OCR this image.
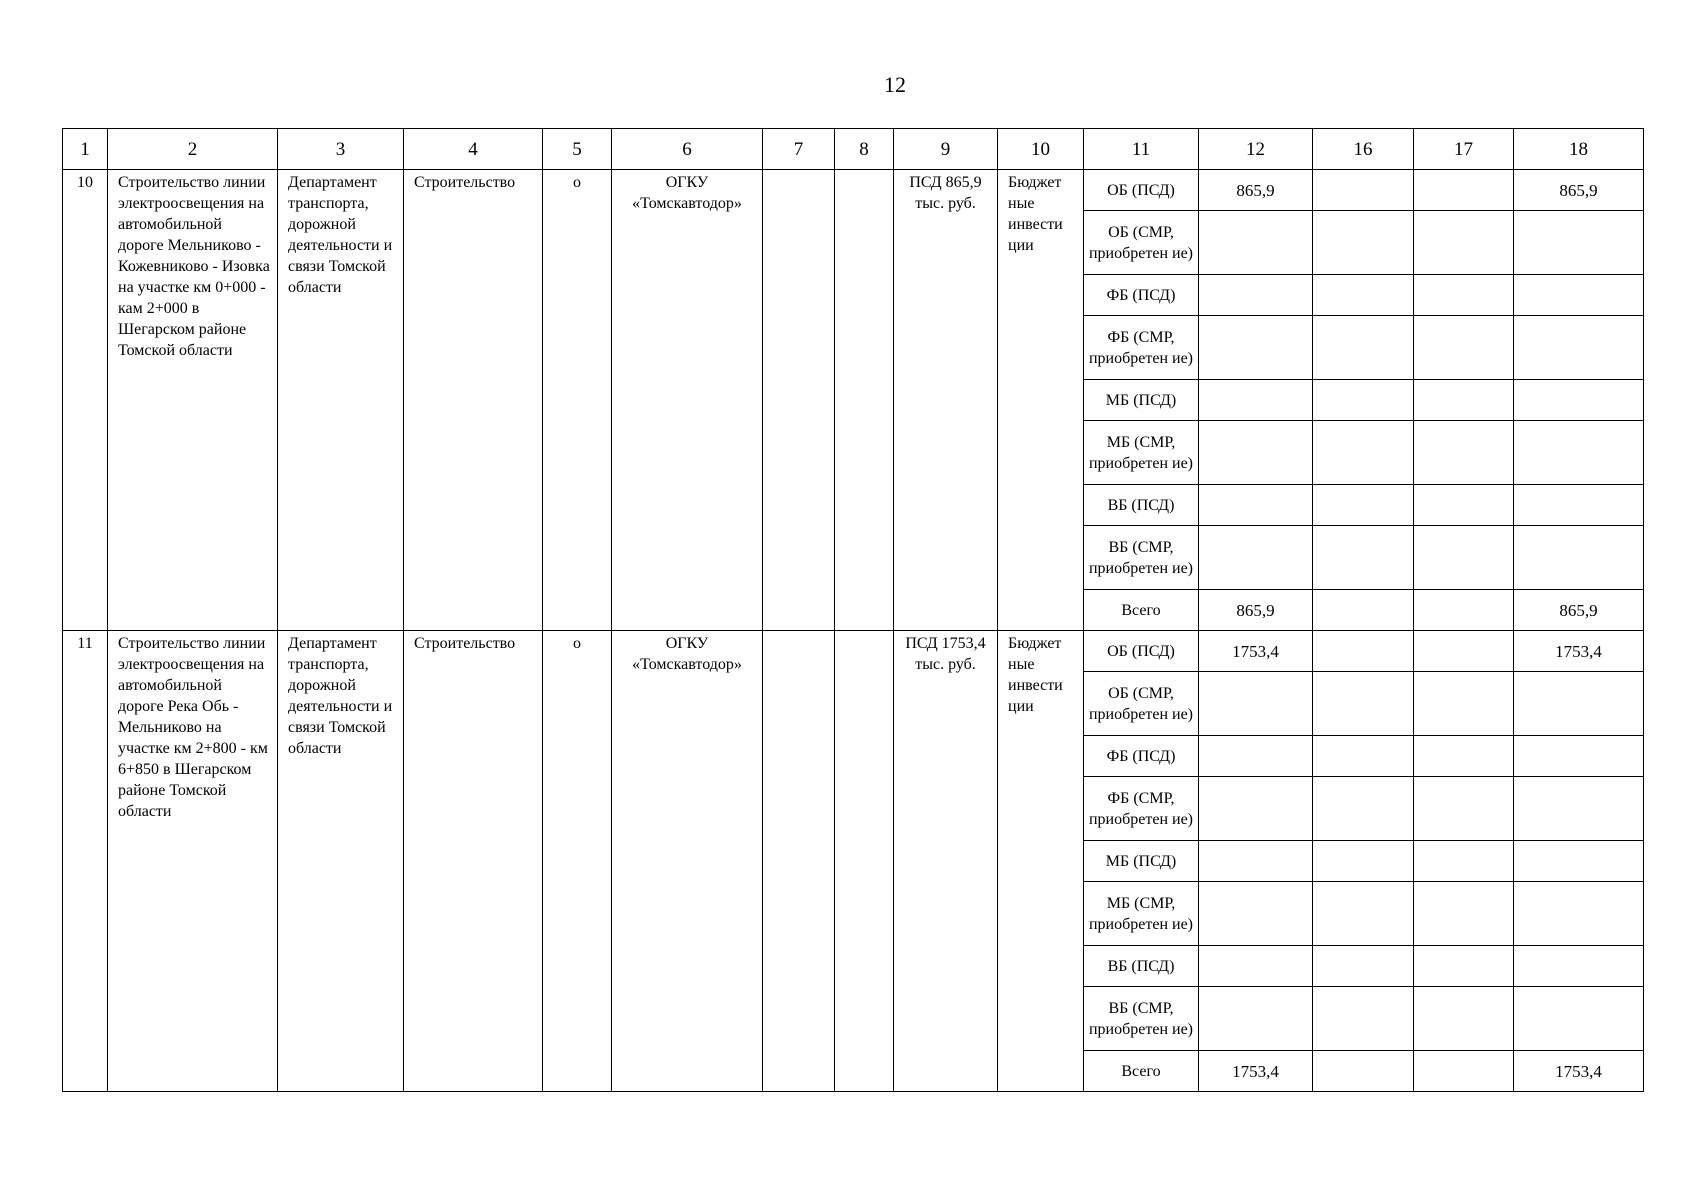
12
1	2	3	4	5	6	7	8	9	10	11	12	16	17	18
10	Строительство линии электроосвещения на автомобильной дороге Мельниково - Кожевниково - Изовка на участке км 0+000 - кам 2+000 в Шегарском районе Томской области	Департамент транспорта, дорожной деятельности и связи Томской области	Строительство	о	ОГКУ «Томскавтодор»			ПСД 865,9 тыс. руб.	Бюджет ные инвести ции	ОБ (ПСД)	865,9			865,9
										ОБ (СМР, приобретен ие)				
										ФБ (ПСД)				
										ФБ (СМР, приобретен ие)				
										МБ (ПСД)				
										МБ (СМР, приобретен ие)				
										ВБ (ПСД)				
										ВБ (СМР, приобретен ие)				
										Всего	865,9			865,9
11	Строительство линии электроосвещения на автомобильной дороге Река Обь - Мельниково на участке км 2+800 - км 6+850 в Шегарском районе Томской области	Департамент транспорта, дорожной деятельности и связи Томской области	Строительство	о	ОГКУ «Томскавтодор»			ПСД 1753,4 тыс. руб.	Бюджет ные инвести ции	ОБ (ПСД)	1753,4			1753,4
										ОБ (СМР, приобретен ие)				
										ФБ (ПСД)				
										ФБ (СМР, приобретен ие)				
										МБ (ПСД)				
										МБ (СМР, приобретен ие)				
										ВБ (ПСД)				
										ВБ (СМР, приобретен ие)				
										Всего	1753,4			1753,4
